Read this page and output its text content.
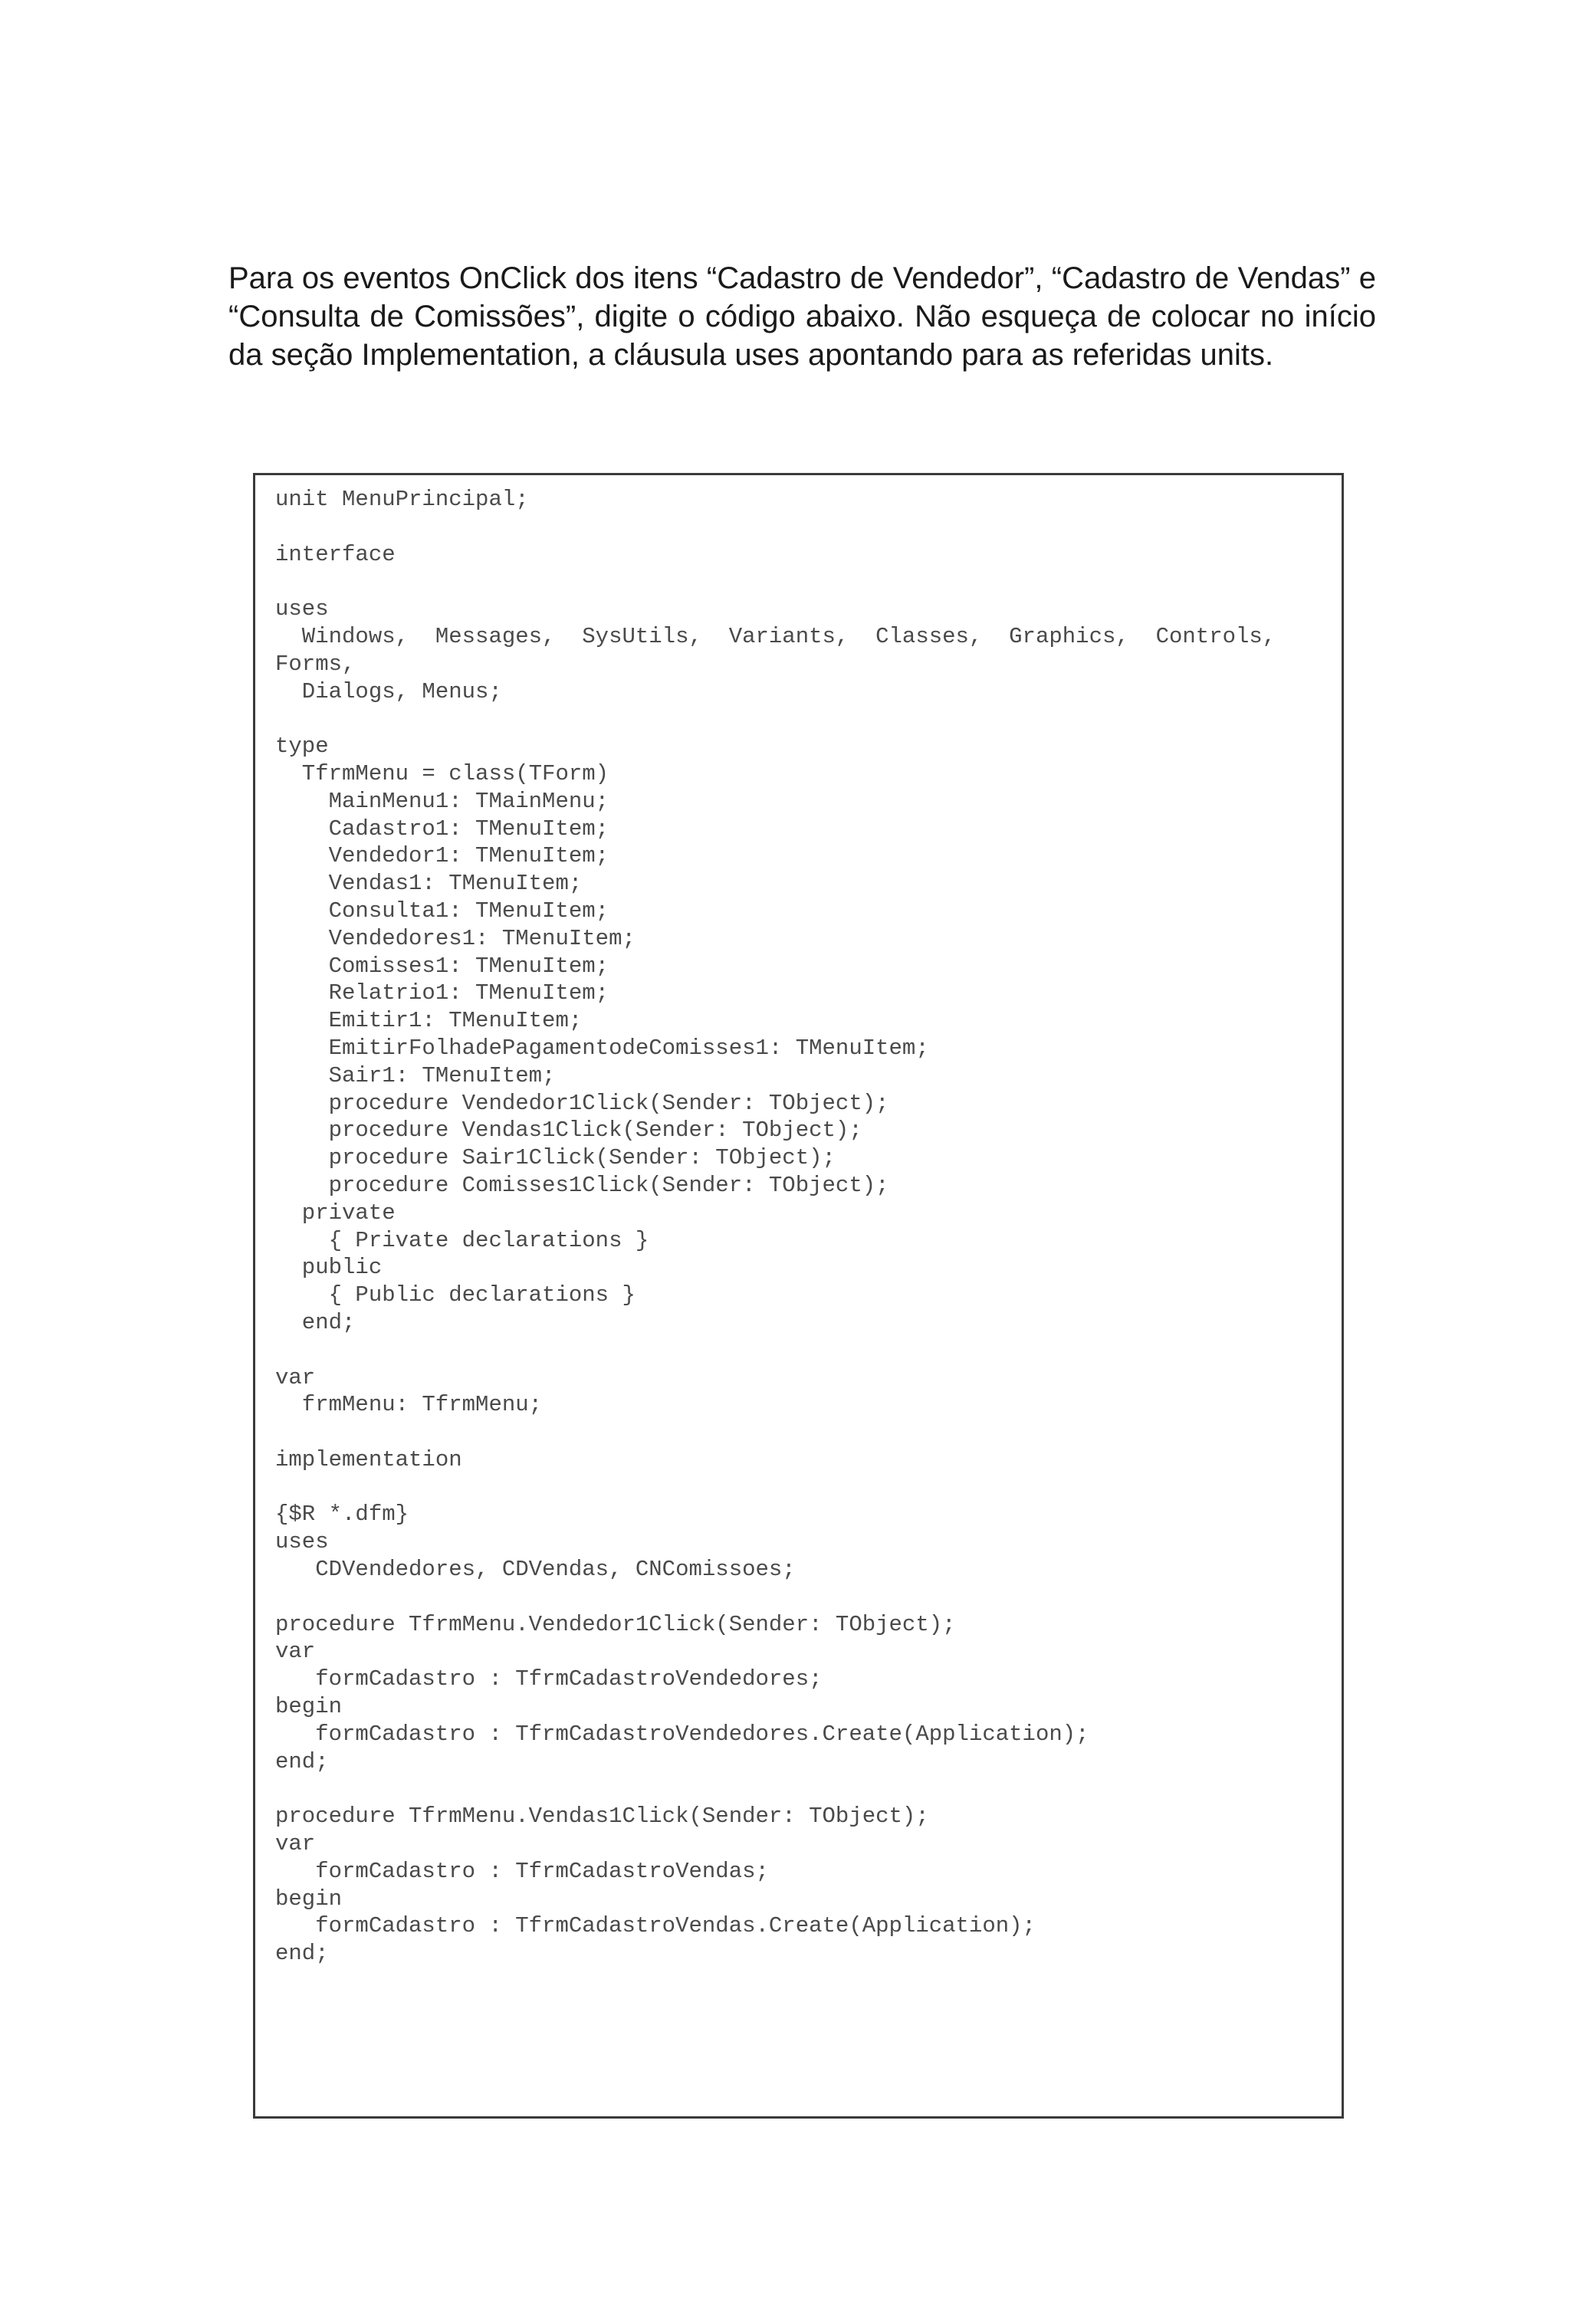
Para os eventos OnClick dos itens “Cadastro de Vendedor”, “Cadastro de Vendas” e “Consulta de Comissões”, digite o código abaixo. Não esqueça de colocar no início da seção Implementation, a cláusula uses apontando para as referidas units.

unit MenuPrincipal;

interface

uses
Windows,  Messages,  SysUtils,  Variants,  Classes,  Graphics,  Controls,
Forms,
Dialogs, Menus;

type
TfrmMenu = class(TForm)
MainMenu1: TMainMenu;
Cadastro1: TMenuItem;
Vendedor1: TMenuItem;
Vendas1: TMenuItem;
Consulta1: TMenuItem;
Vendedores1: TMenuItem;
Comisses1: TMenuItem;
Relatrio1: TMenuItem;
Emitir1: TMenuItem;
EmitirFolhadePagamentodeComisses1: TMenuItem;
Sair1: TMenuItem;
procedure Vendedor1Click(Sender: TObject);
procedure Vendas1Click(Sender: TObject);
procedure Sair1Click(Sender: TObject);
procedure Comisses1Click(Sender: TObject);
private
{ Private declarations }
public
{ Public declarations }
end;

var
frmMenu: TfrmMenu;

implementation

{$R *.dfm}
uses
CDVendedores, CDVendas, CNComissoes;

procedure TfrmMenu.Vendedor1Click(Sender: TObject);
var
formCadastro : TfrmCadastroVendedores;
begin
formCadastro : TfrmCadastroVendedores.Create(Application);
end;

procedure TfrmMenu.Vendas1Click(Sender: TObject);
var
formCadastro : TfrmCadastroVendas;
begin
formCadastro : TfrmCadastroVendas.Create(Application);
end;
